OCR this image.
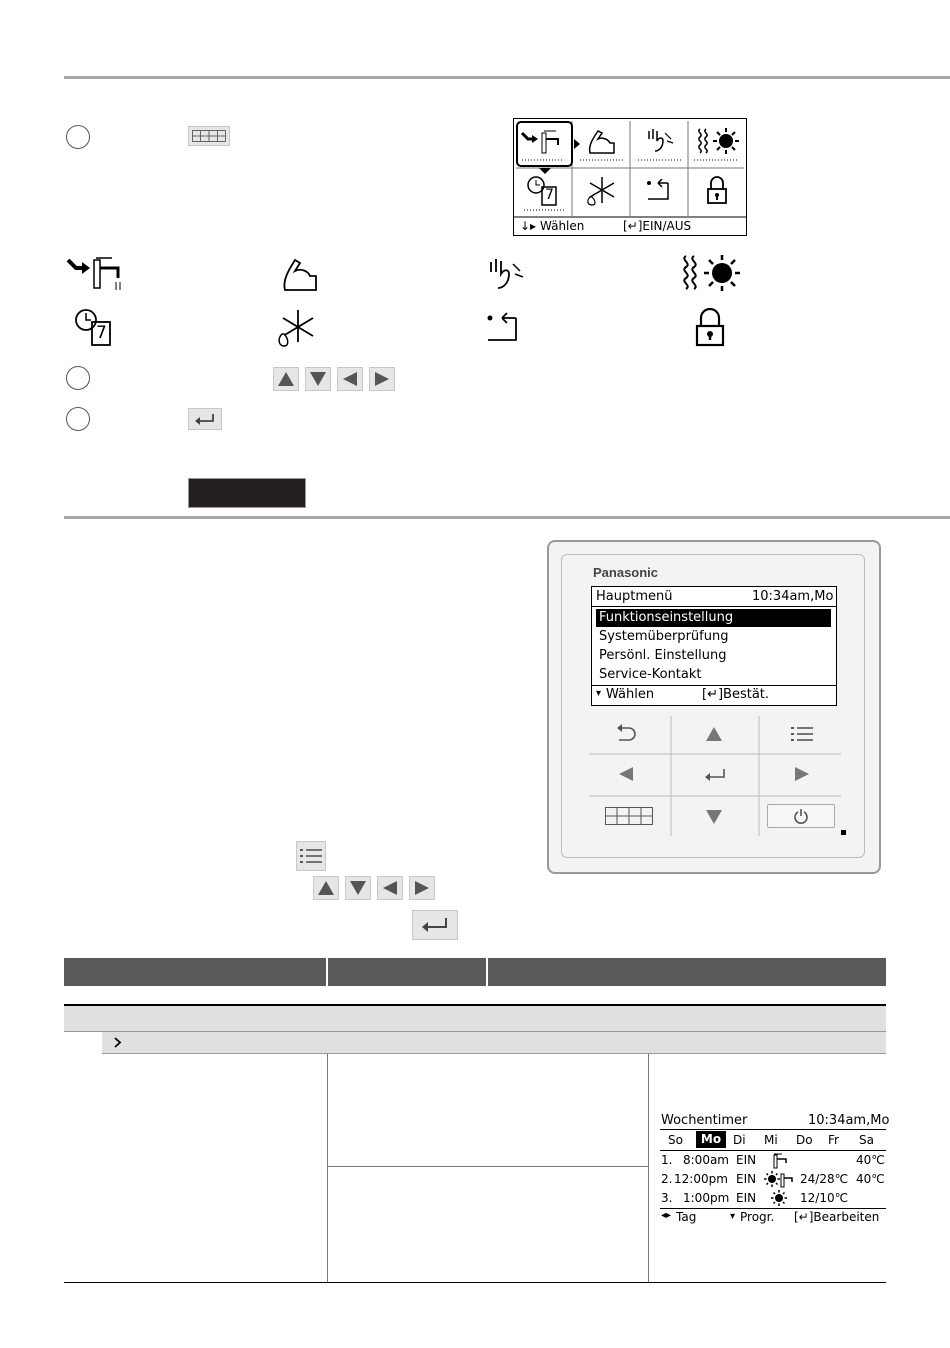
7
↓▸ Wählen	[↵]EIN/AUS
7
Panasonic
Hauptmenü	10:34am,Mo
Funktionseinstellung
Systemüberprüfung
Persönl. Einstellung
Service-Kontakt
▾ Wählen	[↵]Bestät.
Wochentimer	10:34am,Mo
So	Mo Di Mi Do Fr Sa
1. 8:00am EIN	40℃
2. 12:00pm EIN	24/28℃ 40℃
3. 1:00pm EIN	12/10℃
◂▸ Tag	▾ Progr. [↵]Bearbeiten
